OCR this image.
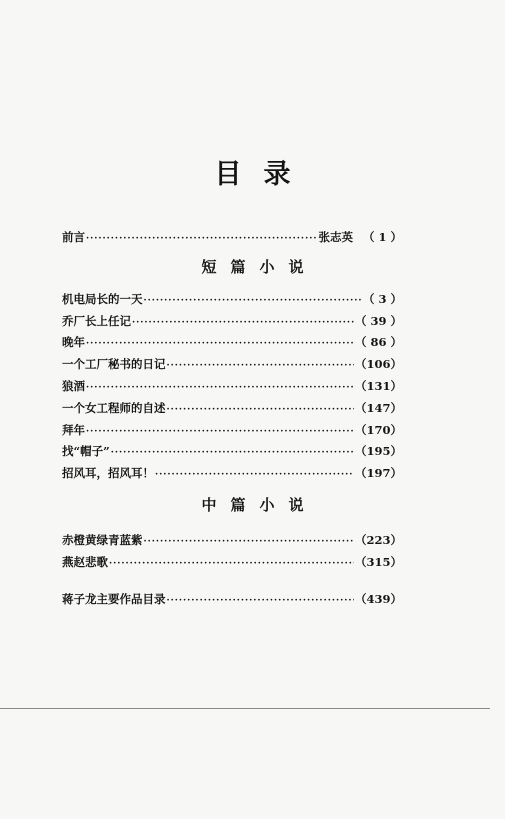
目录
前言 ·····	张志英 （ 1 ）
短篇小说
机电局长的一天 ·····	（ 3 ）
乔厂长上任记 ·····	（ 39 ）
晚年 ·····	（ 86 ）
一个工厂秘书的日记 ·····	（106）
狼酒 ·····	（131）
一个女工程师的自述 ·····	（147）
拜年 ·····	（170）
找“帽子” ·····	（195）
招风耳，招风耳！ ·····	（197）
中篇小说
赤橙黄绿青蓝紫 ·····	（223）
燕赵悲歌 ·····	（315）
蒋子龙主要作品目录 ·····	（439）
